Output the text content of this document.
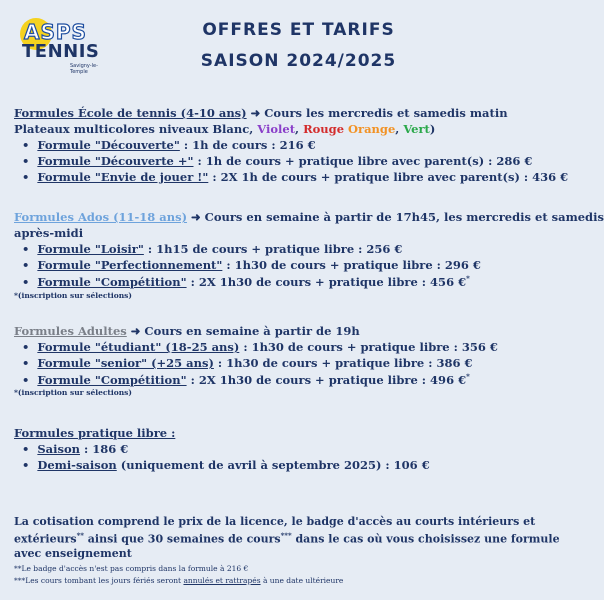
ASPS
TENNIS
Savigny-le-Temple
OFFRES ET TARIFS
SAISON 2024/2025
Formules École de tennis (4-10 ans) ➜ Cours les mercredis et samedis matin
Plateaux multicolores niveaux Blanc, Violet, Rouge Orange, Vert)
•  Formule "Découverte" : 1h de cours : 216 €
•  Formule "Découverte +" : 1h de cours + pratique libre avec parent(s) : 286 €
•  Formule "Envie de jouer !" : 2X 1h de cours + pratique libre avec parent(s) : 436 €
Formules Ados (11-18 ans) ➜ Cours en semaine à partir de 17h45, les mercredis et samedis
après-midi
•  Formule "Loisir" : 1h15 de cours + pratique libre : 256 €
•  Formule "Perfectionnement" : 1h30 de cours + pratique libre : 296 €
•  Formule "Compétition" : 2X 1h30 de cours + pratique libre : 456 €*
*(inscription sur sélections)
Formules Adultes ➜ Cours en semaine à partir de 19h
•  Formule "étudiant" (18-25 ans) : 1h30 de cours + pratique libre : 356 €
•  Formule "senior" (+25 ans) : 1h30 de cours + pratique libre : 386 €
•  Formule "Compétition" : 2X 1h30 de cours + pratique libre : 496 €*
*(inscription sur sélections)
Formules pratique libre :
•  Saison : 186 €
•  Demi-saison (uniquement de avril à septembre 2025) : 106 €
La cotisation comprend le prix de la licence, le badge d'accès au courts intérieurs et
extérieurs** ainsi que 30 semaines de cours*** dans le cas où vous choisissez une formule
avec enseignement
**Le badge d'accès n'est pas compris dans la formule à 216 €
***Les cours tombant les jours fériés seront annulés et rattrapés à une date ultérieure
